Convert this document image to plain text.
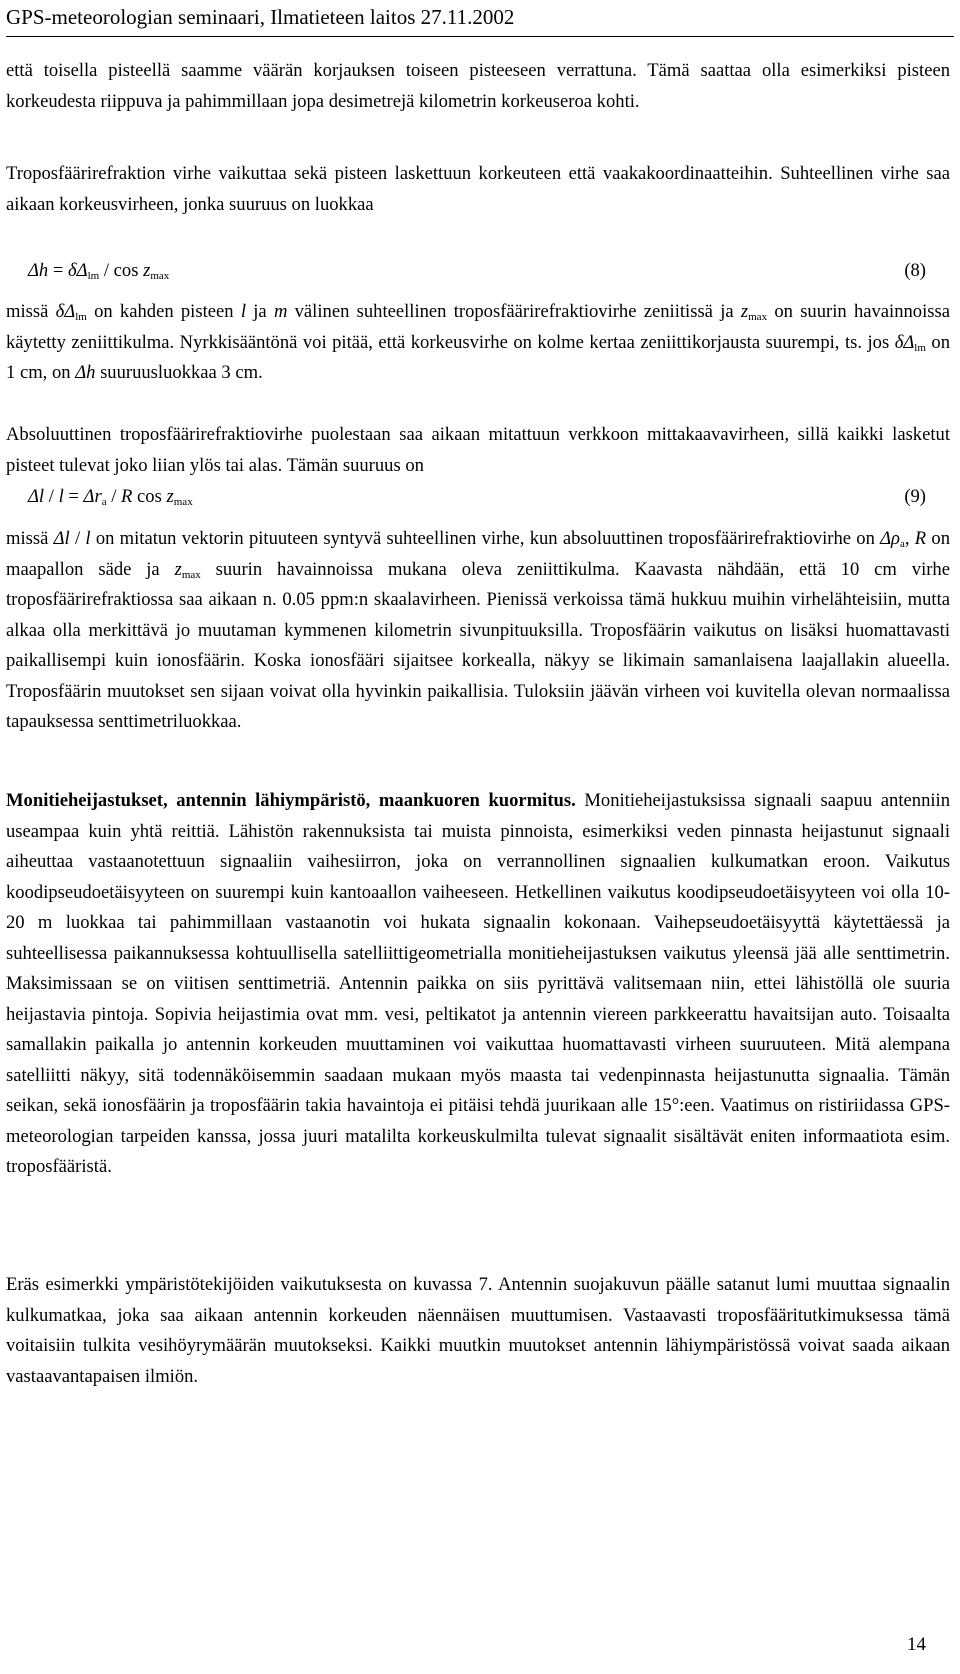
GPS-meteorologian seminaari, Ilmatieteen laitos 27.11.2002

että toisella pisteellä saamme väärän korjauksen toiseen pisteeseen verrattuna. Tämä saattaa olla esimerkiksi pisteen korkeudesta riippuva ja pahimmillaan jopa desimetrejä kilometrin korkeuseroa kohti.

Troposfäärirefraktion virhe vaikuttaa sekä pisteen laskettuun korkeuteen että vaakakoordinaatteihin. Suhteellinen virhe saa aikaan korkeusvirheen, jonka suuruus on luokkaa

$\Delta h = \delta\Delta_{lm} / \cos z_{max}$	(8)

missä $\delta\Delta_{lm}$ on kahden pisteen l ja m välinen suhteellinen troposfäärirefraktiovirhe zeniitissä ja $z_{max}$ on suurin havainnoissa käytetty zeniittikulma. Nyrkkisääntönä voi pitää, että korkeusvirhe on kolme kertaa zeniittikorjausta suurempi, ts. jos $\delta\Delta_{lm}$ on 1 cm, on Δh suuruusluokkaa 3 cm.

Absoluuttinen troposfäärirefraktiovirhe puolestaan saa aikaan mitattuun verkkoon mittakaavavirheen, sillä kaikki lasketut pisteet tulevat joko liian ylös tai alas. Tämän suuruus on

$\Delta l / l = \Delta r_a / R$ $\cos z_{max}$	(9)

missä Δl / l on mitatun vektorin pituuteen syntyvä suhteellinen virhe, kun absoluuttinen troposfäärirefraktiovirhe on $\Delta\rho_a$, R on maapallon säde ja $z_{max}$ suurin havainnoissa mukana oleva zeniittikulma. Kaavasta nähdään, että 10 cm virhe troposfäärirefraktiossa saa aikaan n. 0.05 ppm:n skaalavirheen. Pienissä verkoissa tämä hukkuu muihin virhelähteisiin, mutta alkaa olla merkittävä jo muutaman kymmenen kilometrin sivunpituuksilla. Troposfäärin vaikutus on lisäksi huomattavasti paikallisempi kuin ionosfäärin. Koska ionosfääri sijaitsee korkealla, näkyy se likimain samanlaisena laajallakin alueella. Troposfäärin muutokset sen sijaan voivat olla hyvinkin paikallisia. Tuloksiin jäävän virheen voi kuvitella olevan normaalissa tapauksessa senttimetriluokkaa.

Monitieheijastukset, antennin lähiympäristö, maankuoren kuormitus. Monitieheijastuksissa signaali saapuu antenniin useampaa kuin yhtä reittiä. Lähistön rakennuksista tai muista pinnoista, esimerkiksi veden pinnasta heijastunut signaali aiheuttaa vastaanotettuun signaaliin vaihesiirron, joka on verrannollinen signaalien kulkumatkan eroon. Vaikutus koodipseudoetäisyyteen on suurempi kuin kantoaallon vaiheeseen. Hetkellinen vaikutus koodipseudoetäisyyteen voi olla 10-20 m luokkaa tai pahimmillaan vastaanotin voi hukata signaalin kokonaan. Vaihepseudoetäisyyttä käytettäessä ja suhteellisessa paikannuksessa kohtuullisella satelliittigeometrialla monitieheijastuksen vaikutus yleensä jää alle senttimetrin. Maksimissaan se on viitisen senttimetriä. Antennin paikka on siis pyrittävä valitsemaan niin, ettei lähistöllä ole suuria heijastavia pintoja. Sopivia heijastimia ovat mm. vesi, peltikatot ja antennin viereen parkkeerattu havaitsijan auto. Toisaalta samallakin paikalla jo antennin korkeuden muuttaminen voi vaikuttaa huomattavasti virheen suuruuteen. Mitä alempana satelliitti näkyy, sitä todennäköisemmin saadaan mukaan myös maasta tai vedenpinnasta heijastunutta signaalia. Tämän seikan, sekä ionosfäärin ja troposfäärin takia havaintoja ei pitäisi tehdä juurikaan alle 15°:een. Vaatimus on ristiriidassa GPS-meteorologian tarpeiden kanssa, jossa juuri matalilta korkeuskulmilta tulevat signaalit sisältävät eniten informaatiota esim. troposfääristä.

Eräs esimerkki ympäristötekijöiden vaikutuksesta on kuvassa 7. Antennin suojakuvun päälle satanut lumi muuttaa signaalin kulkumatkaa, joka saa aikaan antennin korkeuden näennäisen muuttumisen. Vastaavasti troposfääritutkimuksessa tämä voitaisiin tulkita vesihöyrymäärän muutokseksi. Kaikki muutkin muutokset antennin lähiympäristössä voivat saada aikaan vastaavantapaisen ilmiön.

14
